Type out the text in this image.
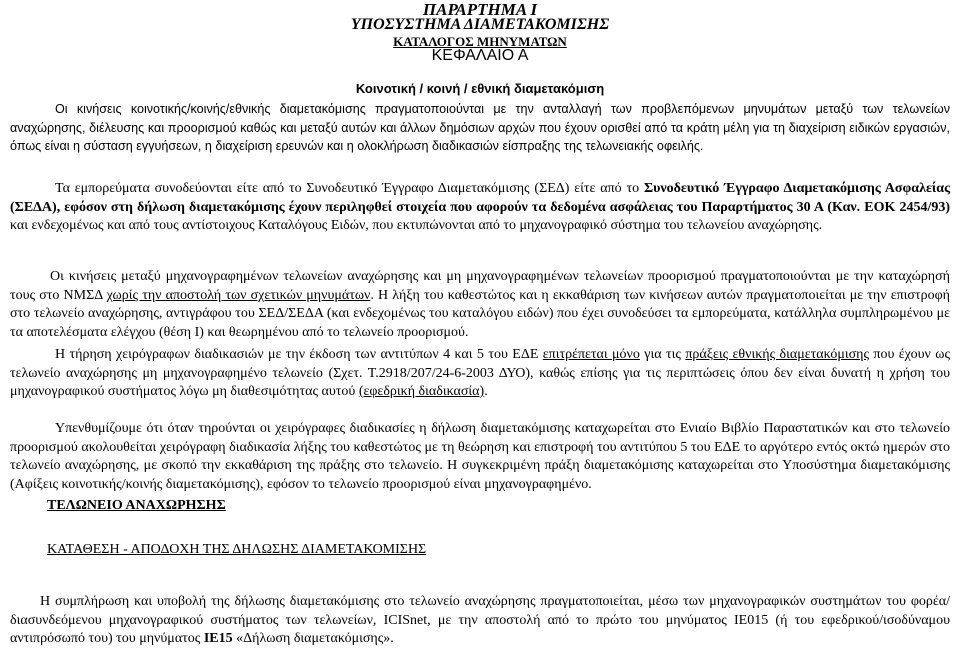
ΠΑΡΑΡΤΗΜΑ Ι
ΥΠΟΣΥΣΤΗΜΑ ΔΙΑΜΕΤΑΚΟΜΙΣΗΣ
ΚΑΤΑΛΟΓΟΣ ΜΗΝΥΜΑΤΩΝ
ΚΕΦΑΛΑΙΟ Α
Κοινοτική / κοινή / εθνική διαμετακόμιση

Οι κινήσεις κοινοτικής/κοινής/εθνικής διαμετακόμισης πραγματοποιούνται με την ανταλλαγή των προβλεπόμενων μηνυμάτων μεταξύ των τελωνείων αναχώρησης, διέλευσης και προορισμού καθώς και μεταξύ αυτών και άλλων δημόσιων αρχών που έχουν ορισθεί από τα κράτη μέλη για τη διαχείριση ειδικών εργασιών, όπως είναι η σύσταση εγγυήσεων, η διαχείριση ερευνών και η ολοκλήρωση διαδικασιών είσπραξης της τελωνειακής οφειλής.

Τα εμπορεύματα συνοδεύονται είτε από το Συνοδευτικό Έγγραφο Διαμετακόμισης (ΣΕΔ) είτε από το Συνοδευτικό Έγγραφο Διαμετακόμισης Ασφαλείας (ΣΕΔΑ), εφόσον στη δήλωση διαμετακόμισης έχουν περιληφθεί στοιχεία που αφορούν τα δεδομένα ασφάλειας του Παραρτήματος 30 Α (Καν. ΕΟΚ 2454/93) και ενδεχομένως και από τους αντίστοιχους Καταλόγους Ειδών, που εκτυπώνονται από το μηχανογραφικό σύστημα του τελωνείου αναχώρησης.

Οι κινήσεις μεταξύ μηχανογραφημένων τελωνείων αναχώρησης και μη μηχανογραφημένων τελωνείων προορισμού πραγματοποιούνται με την καταχώρησή τους στο ΝΜΣΔ χωρίς την αποστολή των σχετικών μηνυμάτων. Η λήξη του καθεστώτος και η εκκαθάριση των κινήσεων αυτών πραγματοποιείται με την επιστροφή στο τελωνείο αναχώρησης, αντιγράφου του ΣΕΔ/ΣΕΔΑ (και ενδεχομένως του καταλόγου ειδών) που έχει συνοδεύσει τα εμπορεύματα, κατάλληλα συμπληρωμένου με τα αποτελέσματα ελέγχου (θέση Ι) και θεωρημένου από το τελωνείο προορισμού.

Η τήρηση χειρόγραφων διαδικασιών με την έκδοση των αντιτύπων 4 και 5 του ΕΔΕ επιτρέπεται μόνο για τις πράξεις εθνικής διαμετακόμισης που έχουν ως τελωνείο αναχώρησης μη μηχανογραφημένο τελωνείο (Σχετ. Τ.2918/207/24-6-2003 ΔΥΟ), καθώς επίσης για τις περιπτώσεις όπου δεν είναι δυνατή η χρήση του μηχανογραφικού συστήματος λόγω μη διαθεσιμότητας αυτού (εφεδρική διαδικασία).

Υπενθυμίζουμε ότι όταν τηρούνται οι χειρόγραφες διαδικασίες η δήλωση διαμετακόμισης καταχωρείται στο Ενιαίο Βιβλίο Παραστατικών και στο τελωνείο προορισμού ακολουθείται χειρόγραφη διαδικασία λήξης του καθεστώτος με τη θεώρηση και επιστροφή του αντιτύπου 5 του ΕΔΕ το αργότερο εντός οκτώ ημερών στο τελωνείο αναχώρησης, με σκοπό την εκκαθάριση της πράξης στο τελωνείο. Η συγκεκριμένη πράξη διαμετακόμισης καταχωρείται στο Υποσύστημα διαμετακόμισης (Αφίξεις κοινοτικής/κοινής διαμετακόμισης), εφόσον το τελωνείο προορισμού είναι μηχανογραφημένο.

ΤΕΛΩΝΕΙΟ ΑΝΑΧΩΡΗΣΗΣ
ΚΑΤΑΘΕΣΗ - ΑΠΟΔΟΧΗ ΤΗΣ ΔΗΛΩΣΗΣ ΔΙΑΜΕΤΑΚΟΜΙΣΗΣ

Η συμπλήρωση και υποβολή της δήλωσης διαμετακόμισης στο τελωνείο αναχώρησης πραγματοποιείται, μέσω των μηχανογραφικών συστημάτων του φορέα/διασυνδεόμενου μηχανογραφικού συστήματος των τελωνείων, ICISnet, με την αποστολή από το πρώτο του μηνύματος IE015 (ή του εφεδρικού/ισοδύναμου αντιπρόσωπό του) του μηνύματος IE15 «Δήλωση διαμετακόμισης».
